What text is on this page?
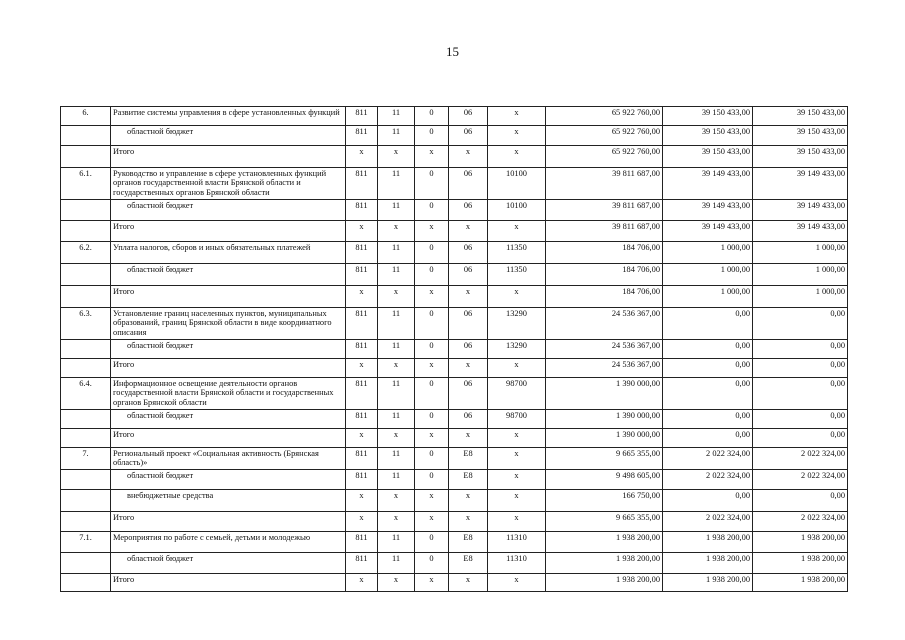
15
6.	Развитие системы управления в сфере установленных функций	811	11	0	06	х	65 922 760,00	39 150 433,00	39 150 433,00
	областной бюджет	811	11	0	06	х	65 922 760,00	39 150 433,00	39 150 433,00
	Итого	х	х	х	х	х	65 922 760,00	39 150 433,00	39 150 433,00
6.1.	Руководство и управление в сфере установленных функций органов государственной власти Брянской области и государственных органов Брянской области	811	11	0	06	10100	39 811 687,00	39 149 433,00	39 149 433,00
	областной бюджет	811	11	0	06	10100	39 811 687,00	39 149 433,00	39 149 433,00
	Итого	х	х	х	х	х	39 811 687,00	39 149 433,00	39 149 433,00
6.2.	Уплата налогов, сборов и иных обязательных платежей	811	11	0	06	11350	184 706,00	1 000,00	1 000,00
	областной бюджет	811	11	0	06	11350	184 706,00	1 000,00	1 000,00
	Итого	х	х	х	х	х	184 706,00	1 000,00	1 000,00
6.3.	Установление границ населенных пунктов, муниципальных образований, границ Брянской области в виде координатного описания	811	11	0	06	13290	24 536 367,00	0,00	0,00
	областной бюджет	811	11	0	06	13290	24 536 367,00	0,00	0,00
	Итого	х	х	х	х	х	24 536 367,00	0,00	0,00
6.4.	Информационное освещение деятельности органов государственной власти Брянской области и государственных органов Брянской области	811	11	0	06	98700	1 390 000,00	0,00	0,00
	областной бюджет	811	11	0	06	98700	1 390 000,00	0,00	0,00
	Итого	х	х	х	х	х	1 390 000,00	0,00	0,00
7.	Региональный проект «Социальная активность (Брянская область)»	811	11	0	Е8	х	9 665 355,00	2 022 324,00	2 022 324,00
	областной бюджет	811	11	0	Е8	х	9 498 605,00	2 022 324,00	2 022 324,00
	внебюджетные средства	х	х	х	х	х	166 750,00	0,00	0,00
	Итого	х	х	х	х	х	9 665 355,00	2 022 324,00	2 022 324,00
7.1.	Мероприятия по работе с семьей, детьми и молодежью	811	11	0	Е8	11310	1 938 200,00	1 938 200,00	1 938 200,00
	областной бюджет	811	11	0	Е8	11310	1 938 200,00	1 938 200,00	1 938 200,00
	Итого	х	х	х	х	х	1 938 200,00	1 938 200,00	1 938 200,00
